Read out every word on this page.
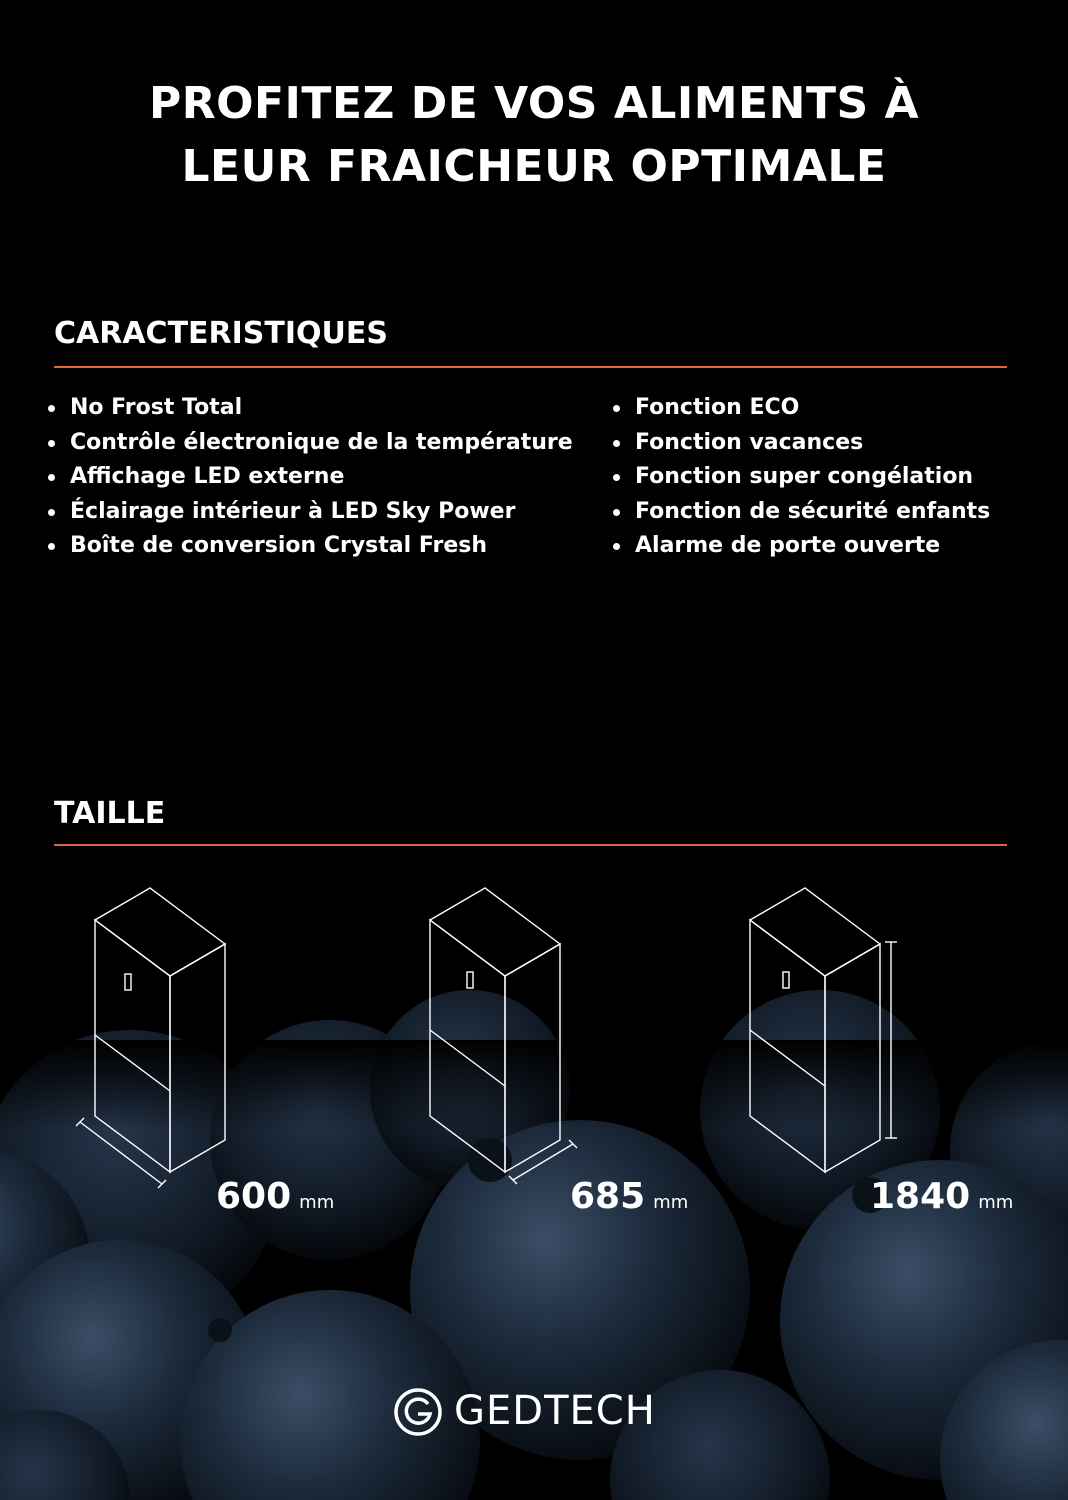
PROFITEZ DE VOS ALIMENTS À
LEUR FRAICHEUR OPTIMALE
CARACTERISTIQUES
No Frost Total
Contrôle électronique de la température
Affichage LED externe
Éclairage intérieur à LED Sky Power
Boîte de conversion Crystal Fresh
Fonction ECO
Fonction vacances
Fonction super congélation
Fonction de sécurité enfants
Alarme de porte ouverte
TAILLE
600 mm	685 mm	1840 mm
GEDTECH
